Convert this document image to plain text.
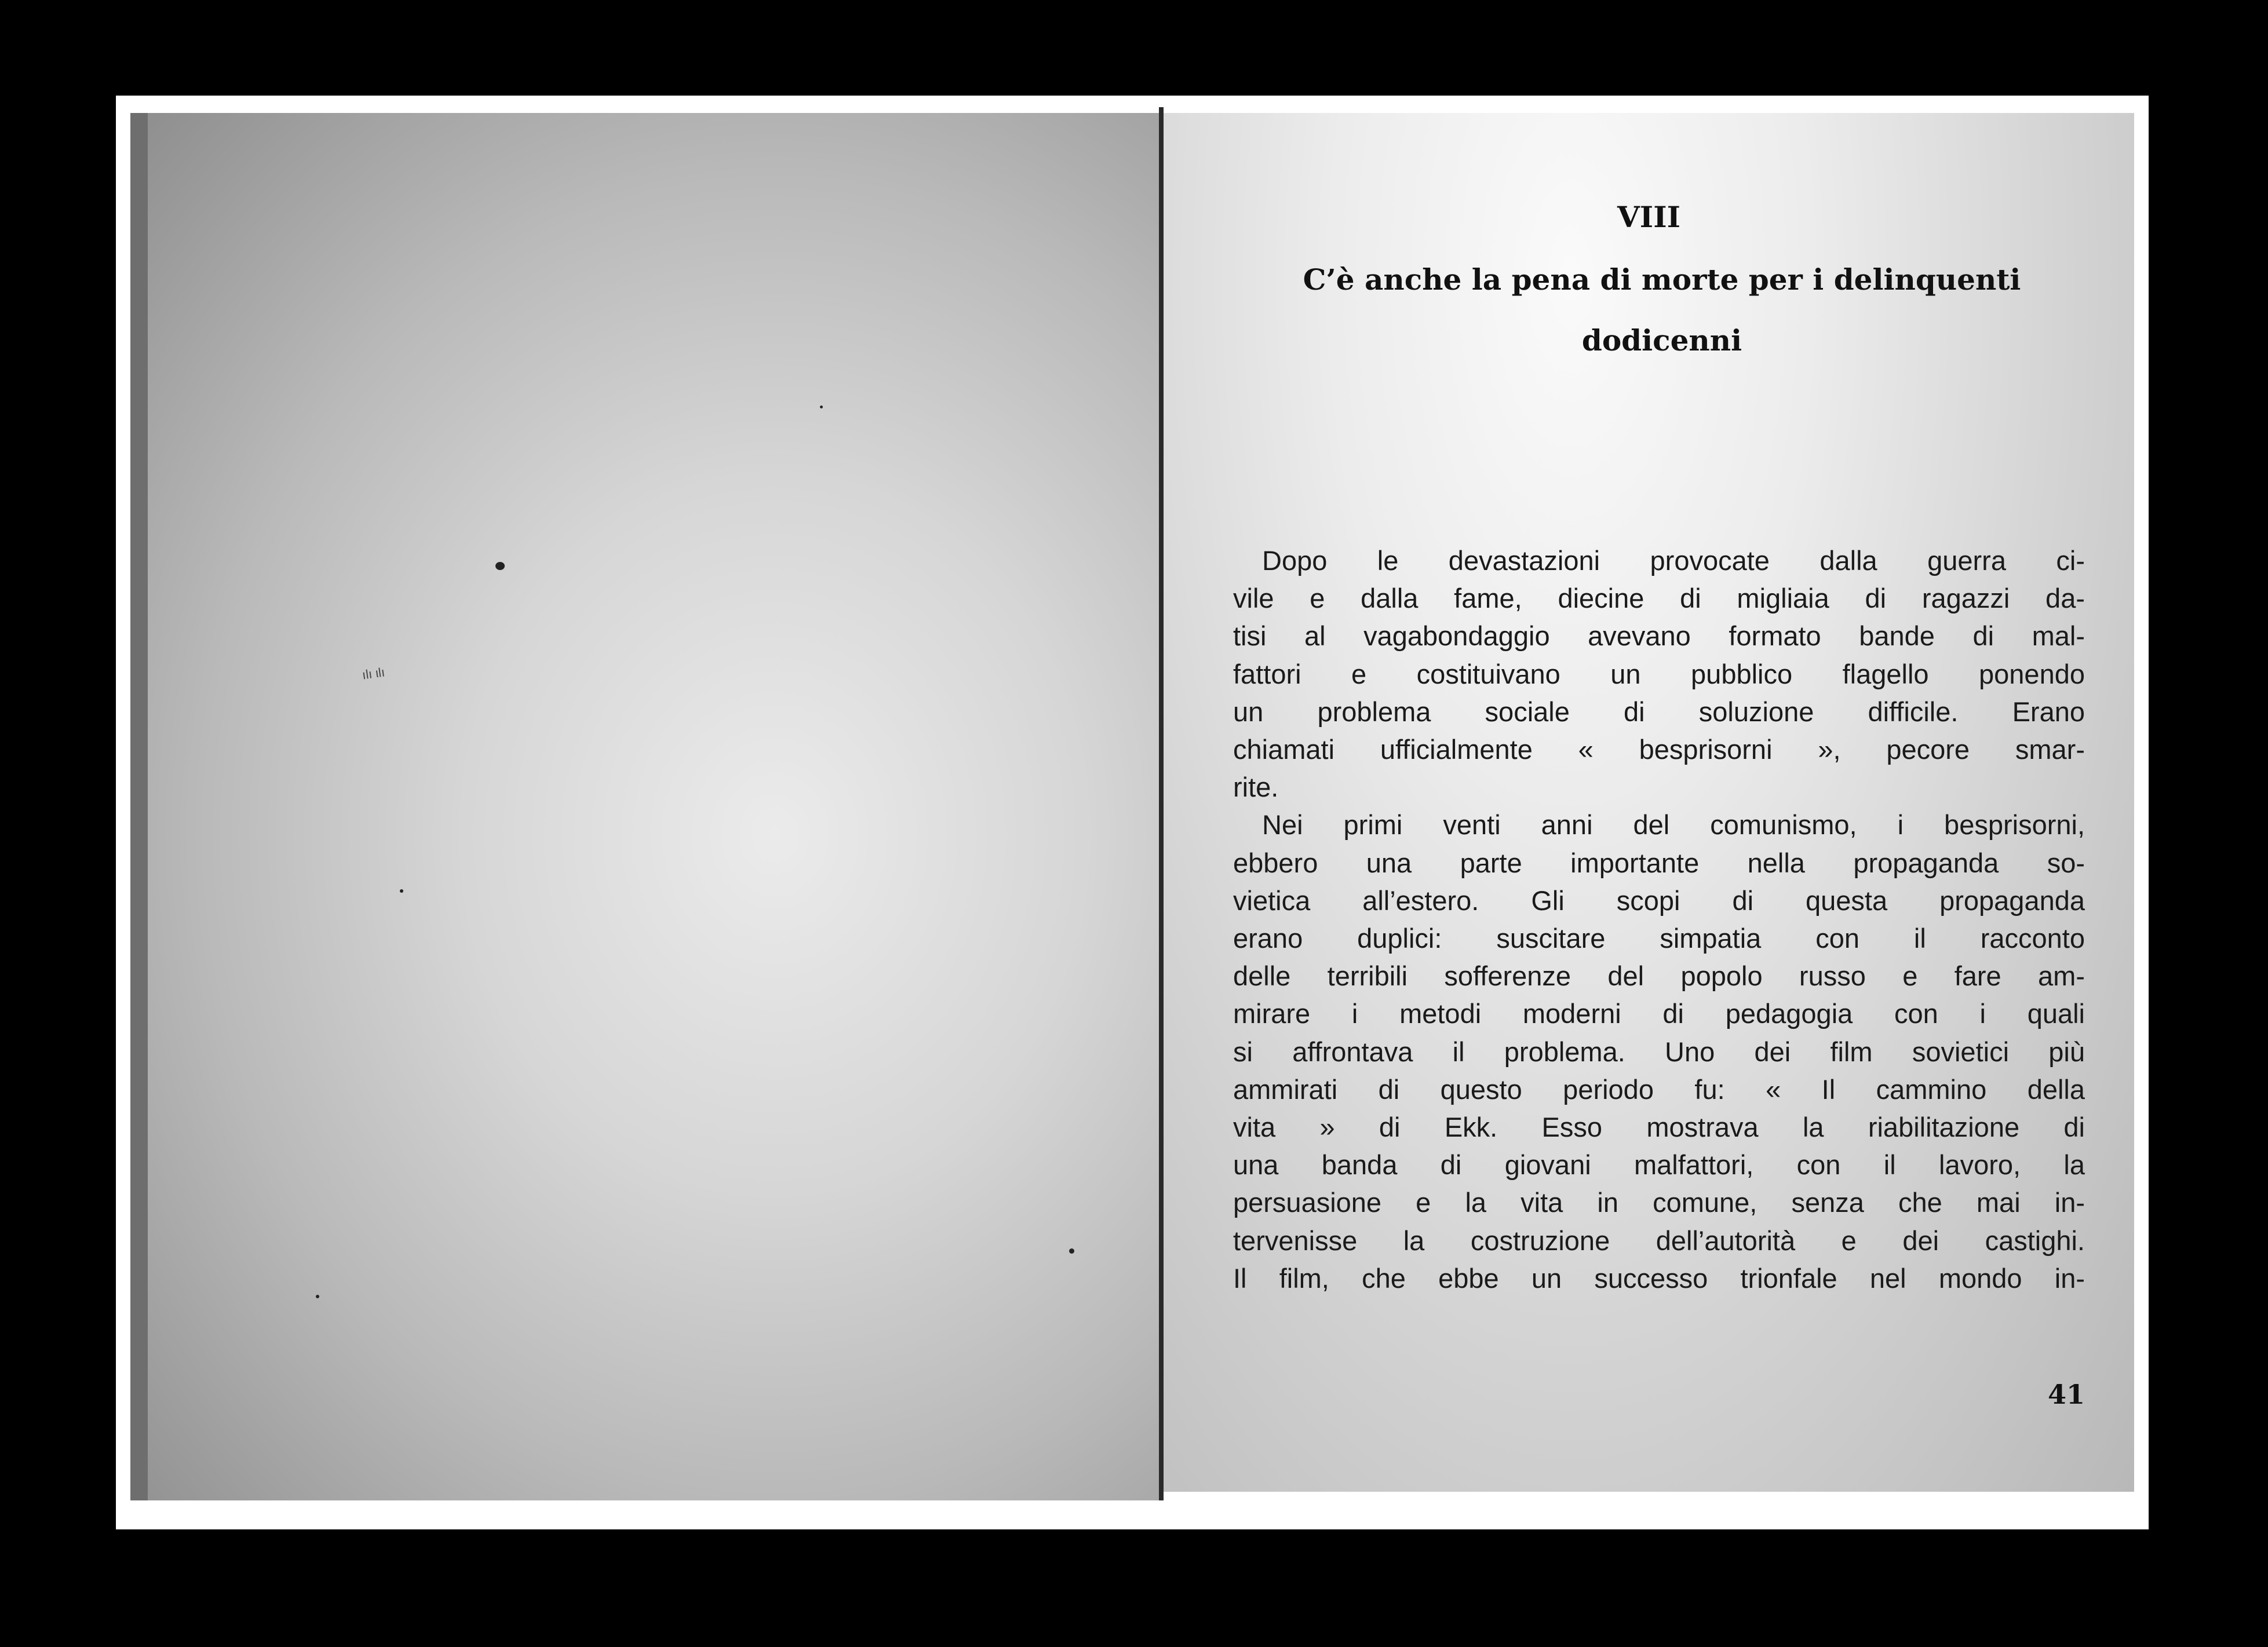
ılı ιlı
VIII
C’è anche la pena di morte per i delinquenti
dodicenni
Dopo le devastazioni provocate dalla guerra ci-
vile e dalla fame, diecine di migliaia di ragazzi da-
tisi al vagabondaggio avevano formato bande di mal-
fattori e costituivano un pubblico flagello ponendo
un problema sociale di soluzione difficile. Erano
chiamati ufficialmente « besprisorni », pecore smar-
rite.
Nei primi venti anni del comunismo, i besprisorni,
ebbero una parte importante nella propaganda so-
vietica all’estero. Gli scopi di questa propaganda
erano duplici: suscitare simpatia con il racconto
delle terribili sofferenze del popolo russo e fare am-
mirare i metodi moderni di pedagogia con i quali
si affrontava il problema. Uno dei film sovietici più
ammirati di questo periodo fu: « Il cammino della
vita » di Ekk. Esso mostrava la riabilitazione di
una banda di giovani malfattori, con il lavoro, la
persuasione e la vita in comune, senza che mai in-
tervenisse la costruzione dell’autorità e dei castighi.
Il film, che ebbe un successo trionfale nel mondo in-
41
